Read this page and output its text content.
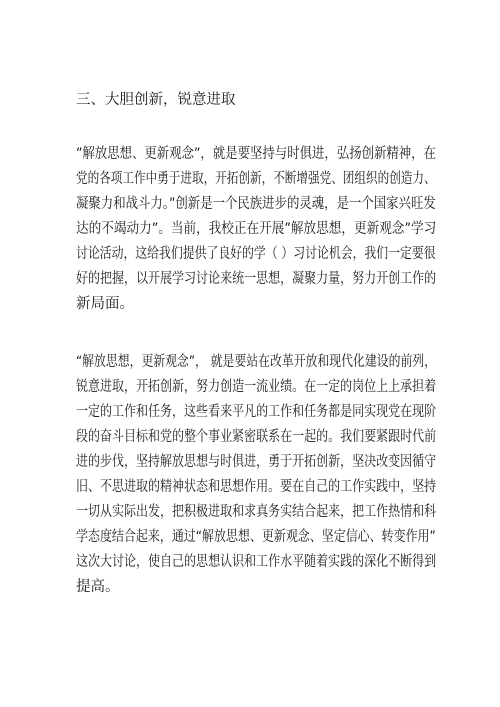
三、大胆创新，锐意进取
”解放思想、更新观念”，就是要坚持与时俱进，弘扬创新精神，在
党的各项工作中勇于进取，开拓创新，不断增强党、团组织的创造力、
凝聚力和战斗力。”创新是一个民族进步的灵魂，是一个国家兴旺发
达的不竭动力”。当前，我校正在开展”解放思想，更新观念”学习
讨论活动，这给我们提供了良好的学（ ）习讨论机会，我们一定要很
好的把握，以开展学习讨论来统一思想，凝聚力量，努力开创工作的
新局面。
“解放思想，更新观念”， 就是要站在改革开放和现代化建设的前列，
锐意进取，开拓创新，努力创造一流业绩。在一定的岗位上上承担着
一定的工作和任务，这些看来平凡的工作和任务都是同实现党在现阶
段的奋斗目标和党的整个事业紧密联系在一起的。我们要紧跟时代前
进的步伐，坚持解放思想与时俱进，勇于开拓创新，坚决改变因循守
旧、不思进取的精神状态和思想作用。要在自己的工作实践中，坚持
一切从实际出发，把积极进取和求真务实结合起来，把工作热情和科
学态度结合起来，通过“解放思想、更新观念、坚定信心、转变作用”
这次大讨论，使自己的思想认识和工作水平随着实践的深化不断得到
提高。
